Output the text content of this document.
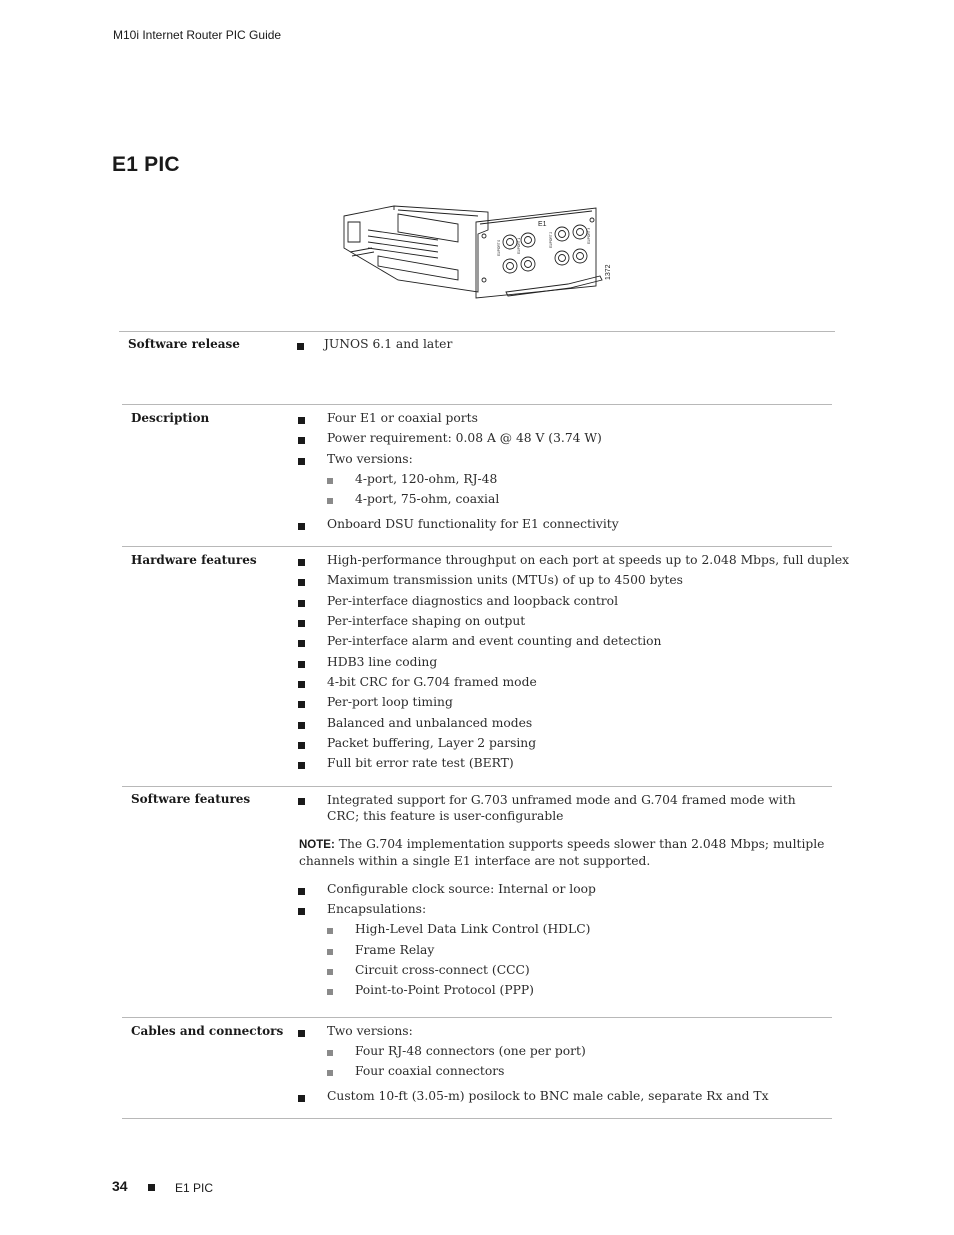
M10i Internet Router PIC Guide
E1 PIC
E1
E1/PORT 0	E1/PORT 1	E1/PORT 2	E1/PORT 3
1372
Software release	JUNOS 6.1 and later
Description	Four E1 or coaxial ports
Power requirement: 0.08 A @ 48 V (3.74 W)
Two versions:
4-port, 120-ohm, RJ-48
4-port, 75-ohm, coaxial
Onboard DSU functionality for E1 connectivity
Hardware features	High-performance throughput on each port at speeds up to 2.048 Mbps, full duplex
Maximum transmission units (MTUs) of up to 4500 bytes
Per-interface diagnostics and loopback control
Per-interface shaping on output
Per-interface alarm and event counting and detection
HDB3 line coding
4-bit CRC for G.704 framed mode
Per-port loop timing
Balanced and unbalanced modes
Packet buffering, Layer 2 parsing
Full bit error rate test (BERT)
Software features	Integrated support for G.703 unframed mode and G.704 framed mode with CRC; this feature is user-configurable
NOTE: The G.704 implementation supports speeds slower than 2.048 Mbps; multiple channels within a single E1 interface are not supported.
Configurable clock source: Internal or loop
Encapsulations:
High-Level Data Link Control (HDLC)
Frame Relay
Circuit cross-connect (CCC)
Point-to-Point Protocol (PPP)
Cables and connectors	Two versions:
Four RJ-48 connectors (one per port)
Four coaxial connectors
Custom 10-ft (3.05-m) posilock to BNC male cable, separate Rx and Tx
34	E1 PIC
